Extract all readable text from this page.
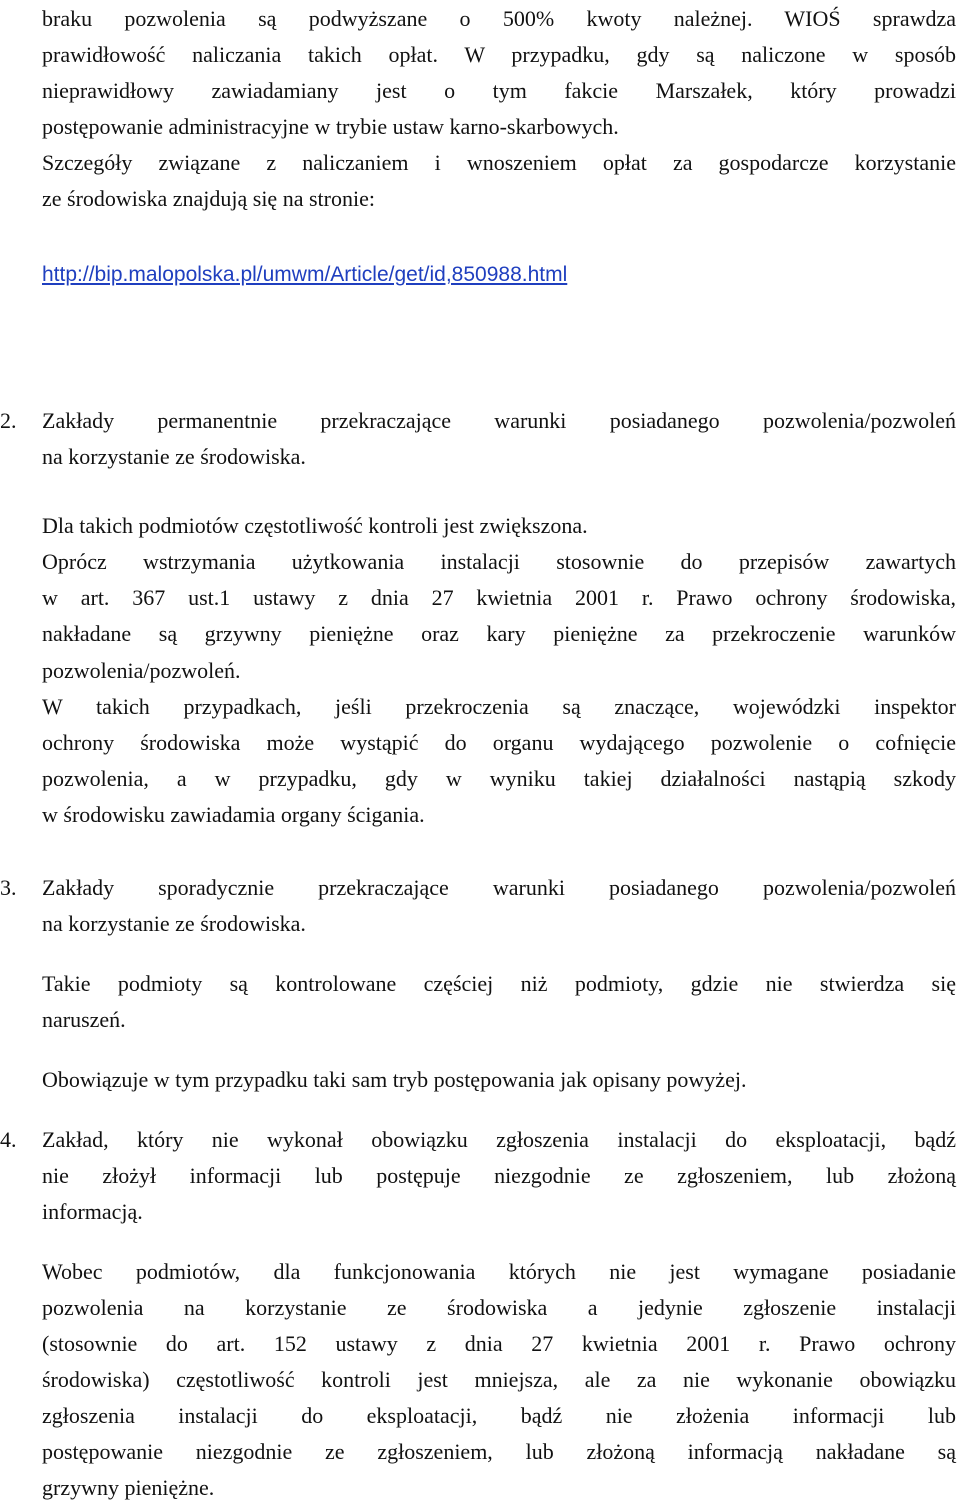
braku pozwolenia są podwyższane o 500% kwoty należnej. WIOŚ sprawdza
prawidłowość naliczania takich opłat. W przypadku, gdy są naliczone w sposób
nieprawidłowy zawiadamiany jest o tym fakcie Marszałek, który prowadzi
postępowanie administracyjne w trybie ustaw karno-skarbowych.
Szczegóły związane z naliczaniem i wnoszeniem opłat za gospodarcze korzystanie
ze środowiska znajdują się na stronie:
http://bip.malopolska.pl/umwm/Article/get/id,850988.html
2.	Zakłady permanentnie przekraczające warunki posiadanego pozwolenia/pozwoleń
na korzystanie ze środowiska.
Dla takich podmiotów częstotliwość kontroli jest zwiększona.
Oprócz wstrzymania użytkowania instalacji stosownie do przepisów zawartych
w art. 367 ust.1 ustawy z dnia 27 kwietnia 2001 r. Prawo ochrony środowiska,
nakładane są grzywny pieniężne oraz kary pieniężne za przekroczenie warunków
pozwolenia/pozwoleń.
W takich przypadkach, jeśli przekroczenia są znaczące, wojewódzki inspektor
ochrony środowiska może wystąpić do organu wydającego pozwolenie o cofnięcie
pozwolenia, a w przypadku, gdy w wyniku takiej działalności nastąpią szkody
w środowisku zawiadamia organy ścigania.
3.	Zakłady sporadycznie przekraczające warunki posiadanego pozwolenia/pozwoleń
na korzystanie ze środowiska.
Takie podmioty są kontrolowane częściej niż podmioty, gdzie nie stwierdza się
naruszeń.
Obowiązuje w tym przypadku taki sam tryb postępowania jak opisany powyżej.
4.	Zakład, który nie wykonał obowiązku zgłoszenia instalacji do eksploatacji, bądź
nie złożył informacji lub postępuje niezgodnie ze zgłoszeniem, lub złożoną
informacją.
Wobec podmiotów, dla funkcjonowania których nie jest wymagane posiadanie
pozwolenia na korzystanie ze środowiska a jedynie zgłoszenie instalacji
(stosownie do art. 152 ustawy z dnia 27 kwietnia 2001 r. Prawo ochrony
środowiska) częstotliwość kontroli jest mniejsza, ale za nie wykonanie obowiązku
zgłoszenia instalacji do eksploatacji, bądź nie złożenia informacji lub
postępowanie niezgodnie ze zgłoszeniem, lub złożoną informacją nakładane są
grzywny pieniężne.
